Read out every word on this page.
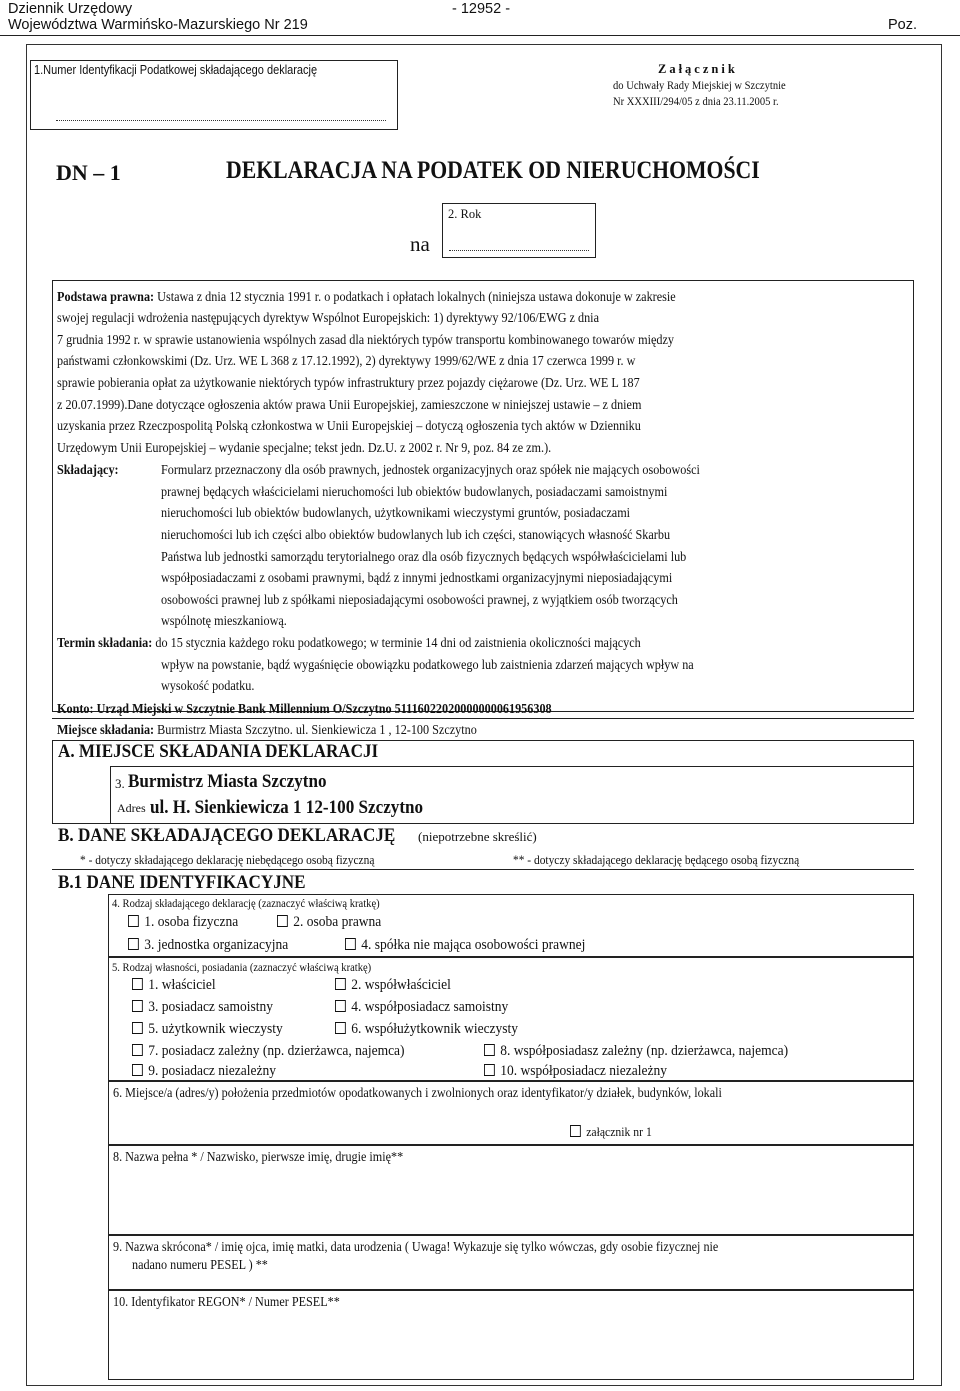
Dziennik Urzędowy
Województwa Warmińsko-Mazurskiego Nr 219
- 12952 -
Poz.
1.Numer Identyfikacji Podatkowej składającego deklarację	Załącznik
do Uchwały Rady Miejskiej w Szczytnie
Nr XXXIII/294/05 z dnia 23.11.2005 r.
DN – 1	DEKLARACJA NA PODATEK OD NIERUCHOMOŚCI
na
2. Rok
Podstawa prawna: Ustawa z dnia 12 stycznia 1991 r. o podatkach i opłatach lokalnych (niniejsza ustawa dokonuje w zakresie
swojej regulacji wdrożenia następujących dyrektyw Wspólnot Europejskich: 1) dyrektywy 92/106/EWG z dnia
7 grudnia 1992 r. w sprawie ustanowienia wspólnych zasad dla niektórych typów transportu kombinowanego towarów między
państwami członkowskimi (Dz. Urz. WE L 368 z 17.12.1992), 2) dyrektywy 1999/62/WE z dnia 17 czerwca 1999 r. w
sprawie pobierania opłat za użytkowanie niektórych typów infrastruktury przez pojazdy ciężarowe (Dz. Urz. WE L 187
z 20.07.1999).Dane dotyczące ogłoszenia aktów prawa Unii Europejskiej, zamieszczone w niniejszej ustawie – z dniem
uzyskania przez Rzeczpospolitą Polską członkostwa w Unii Europejskiej – dotyczą ogłoszenia tych aktów w Dzienniku
Urzędowym Unii Europejskiej – wydanie specjalne; tekst jedn. Dz.U. z 2002 r. Nr 9, poz. 84 ze zm.).
Składający:	Formularz przeznaczony dla osób prawnych, jednostek organizacyjnych oraz spółek nie mających osobowości
prawnej będących właścicielami nieruchomości lub obiektów budowlanych, posiadaczami samoistnymi
nieruchomości lub obiektów budowlanych, użytkownikami wieczystymi gruntów, posiadaczami
nieruchomości lub ich części albo obiektów budowlanych lub ich części, stanowiących własność Skarbu
Państwa lub jednostki samorządu terytorialnego oraz dla osób fizycznych będących współwłaścicielami lub
współposiadaczami z osobami prawnymi, bądź z innymi jednostkami organizacyjnymi nieposiadającymi
osobowości prawnej lub z spółkami nieposiadającymi osobowości prawnej, z wyjątkiem osób tworzących
wspólnotę mieszkaniową.
Termin składania: do 15 stycznia każdego roku podatkowego; w terminie 14 dni od zaistnienia okoliczności mających
wpływ na powstanie, bądź wygaśnięcie obowiązku podatkowego lub zaistnienia zdarzeń mających wpływ na
wysokość podatku.
Konto: Urząd Miejski w Szczytnie Bank Millennium O/Szczytno 51116022020000000061956308
Miejsce składania: Burmistrz Miasta Szczytno. ul. Sienkiewicza 1 , 12-100 Szczytno
A. MIEJSCE SKŁADANIA DEKLARACJI
3. Burmistrz Miasta Szczytno
Adres ul. H. Sienkiewicza 1 12-100 Szczytno
B. DANE SKŁADAJĄCEGO DEKLARACJĘ	(niepotrzebne skreślić)
* - dotyczy składającego deklarację niebędącego osobą fizyczną	** - dotyczy składającego deklarację będącego osobą fizyczną
B.1 DANE IDENTYFIKACYJNE
4. Rodzaj składającego deklarację (zaznaczyć właściwą kratkę)
1. osoba fizyczna	2. osoba prawna
3. jednostka organizacyjna	4. spółka nie mająca osobowości prawnej
5. Rodzaj własności, posiadania (zaznaczyć właściwą kratkę)
1. właściciel	2. współwłaściciel
3. posiadacz samoistny	4. współposiadacz samoistny
5. użytkownik wieczysty	6. współużytkownik wieczysty
7. posiadacz zależny (np. dzierżawca, najemca)	8. współposiadasz zależny (np. dzierżawca, najemca)
9. posiadacz niezależny	10. współposiadacz niezależny
6. Miejsce/a (adres/y) położenia przedmiotów opodatkowanych i zwolnionych oraz identyfikator/y działek, budynków, lokali
załącznik nr 1
8. Nazwa pełna * / Nazwisko, pierwsze imię, drugie imię**
9. Nazwa skrócona* / imię ojca, imię matki, data urodzenia ( Uwaga! Wykazuje się tylko wówczas, gdy osobie fizycznej nie
nadano numeru PESEL ) **
10. Identyfikator REGON* / Numer PESEL**
